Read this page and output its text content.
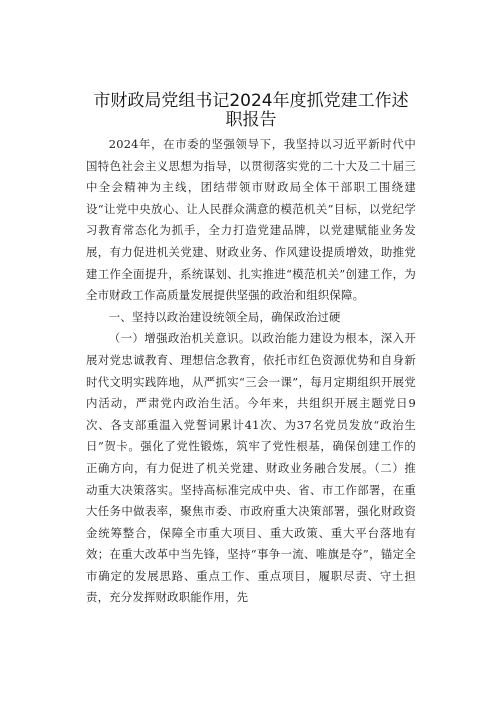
市财政局党组书记2024年度抓党建工作述职报告

2024年，在市委的坚强领导下，我坚持以习近平新时代中国特色社会主义思想为指导，以贯彻落实党的二十大及二十届三中全会精神为主线，团结带领市财政局全体干部职工围绕建设“让党中央放心、让人民群众满意的模范机关”目标，以党纪学习教育常态化为抓手，全力打造党建品牌，以党建赋能业务发展，有力促进机关党建、财政业务、作风建设提质增效，助推党建工作全面提升，系统谋划、扎实推进“模范机关”创建工作，为全市财政工作高质量发展提供坚强的政治和组织保障。

一、坚持以政治建设统领全局，确保政治过硬

（一）增强政治机关意识。以政治能力建设为根本，深入开展对党忠诚教育、理想信念教育，依托市红色资源优势和自身新时代文明实践阵地，从严抓实“三会一课”，每月定期组织开展党内活动，严肃党内政治生活。今年来，共组织开展主题党日9次、各支部重温入党誓词累计41次、为37名党员发放“政治生日”贺卡。强化了党性锻炼，筑牢了党性根基，确保创建工作的正确方向，有力促进了机关党建、财政业务融合发展。（二）推动重大决策落实。坚持高标准完成中央、省、市工作部署，在重大任务中做表率，聚焦市委、市政府重大决策部署，强化财政资金统筹整合，保障全市重大项目、重大政策、重大平台落地有效；在重大改革中当先锋，坚持“事争一流、唯旗是夺”，锚定全市确定的发展思路、重点工作、重点项目，履职尽责、守土担责，充分发挥财政职能作用，先
